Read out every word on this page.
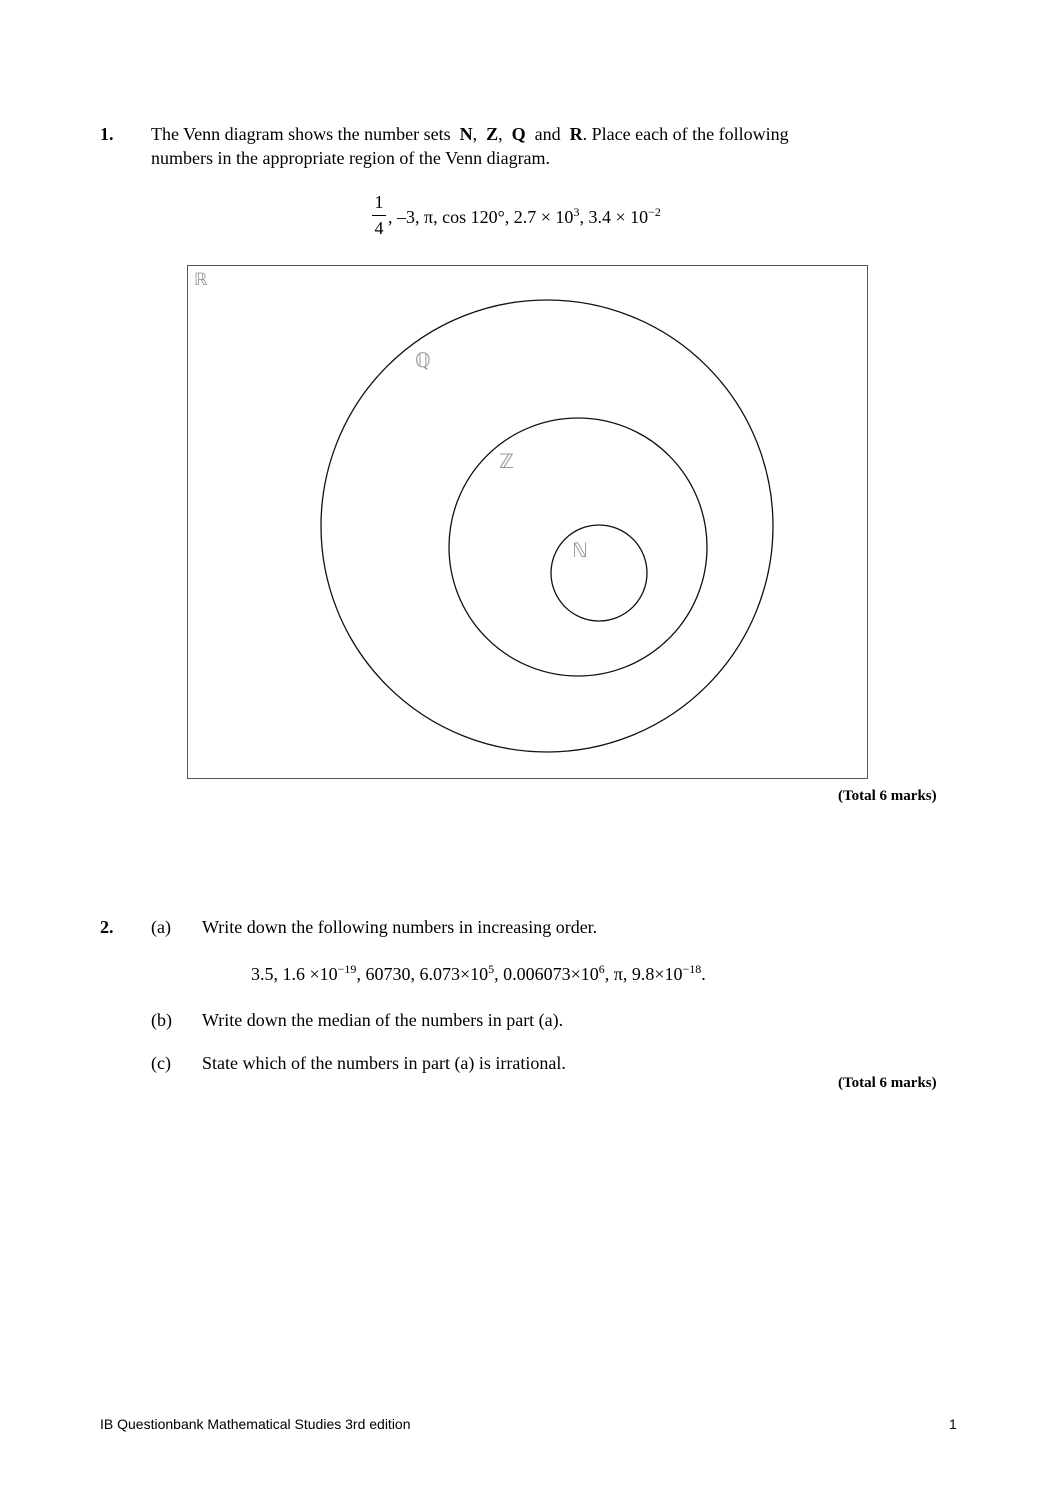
1. The Venn diagram shows the number sets N,  Z,  Q and R. Place each of the following
numbers in the appropriate region of the Venn diagram.
1
4
, –3, π, cos 120°, $2.7 \times 10^3$, $3.4 \times 10^{-2}$
ℝ
ℚ
ℤ
ℕ
(Total 6 marks)
2. (a) Write down the following numbers in increasing order.
3.5, $1.6 \times 10^{-19}$, 60730, $6.073\times 10^5$, $0.006073\times 10^6$, π, $9.8\times 10^{-18}$.
(b) Write down the median of the numbers in part (a).
(c) State which of the numbers in part (a) is irrational.
(Total 6 marks)
IB Questionbank Mathematical Studies 3rd edition	1
